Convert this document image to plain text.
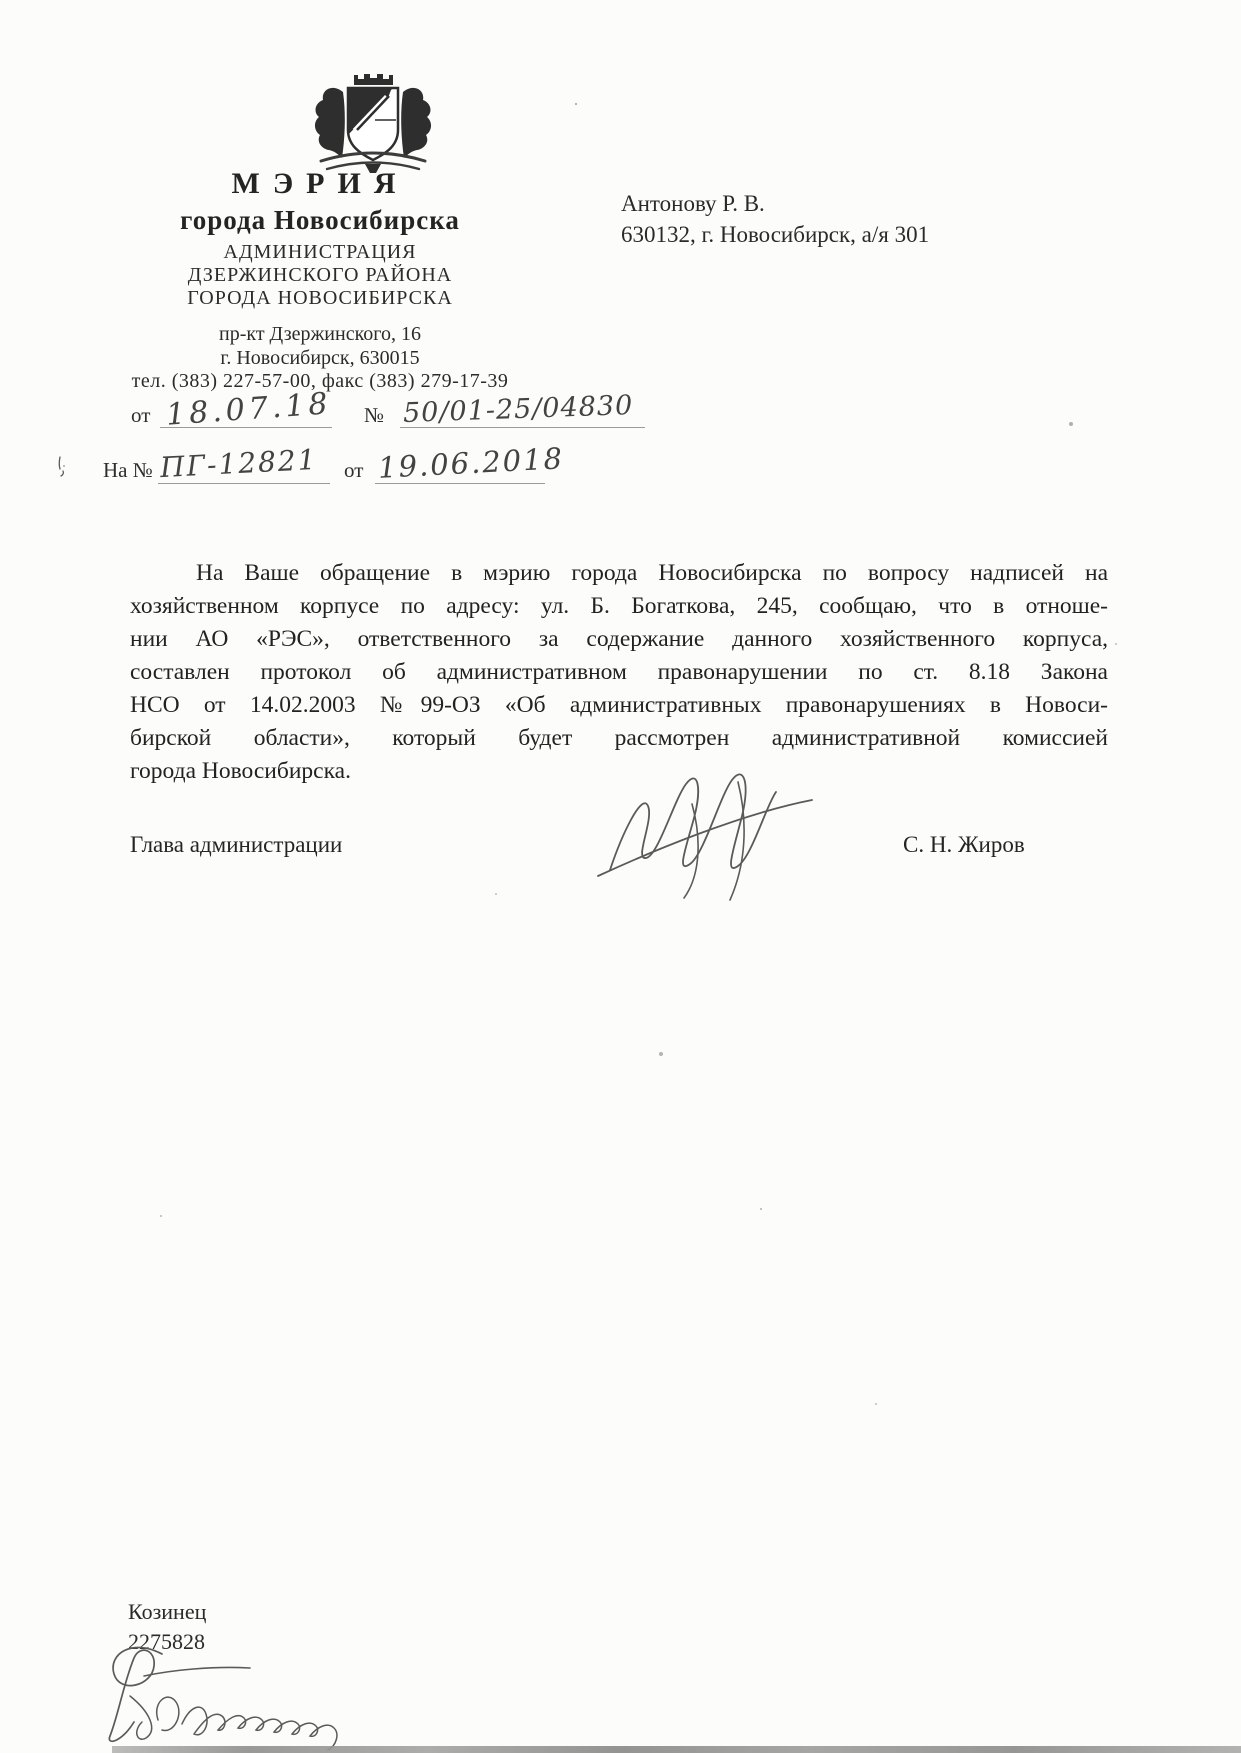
МЭРИЯ
города Новосибирска
АДМИНИСТРАЦИЯ
ДЗЕРЖИНСКОГО РАЙОНА
ГОРОДА НОВОСИБИРСКА
пр-кт Дзержинского, 16
г. Новосибирск, 630015
тел. (383) 227-57-00, факс (383) 279-17-39
Антонову Р. В.
630132, г. Новосибирск, а/я 301
от 18.07.18 № 50/01-25/04830
На № ПГ-12821 от 19.06.2018
На Ваше обращение в мэрию города Новосибирска по вопросу надписей на
хозяйственном корпусе по адресу: ул. Б. Богаткова, 245, сообщаю, что в отноше-
нии АО «РЭС», ответственного за содержание данного хозяйственного корпуса,
составлен протокол об административном правонарушении по ст. 8.18 Закона
НСО от 14.02.2003 №99-ОЗ «Об административных правонарушениях в Новоси-
бирской области», который будет рассмотрен административной комиссией
города Новосибирска.
Глава администрации	С. Н. Жиров
Козинец
2275828
